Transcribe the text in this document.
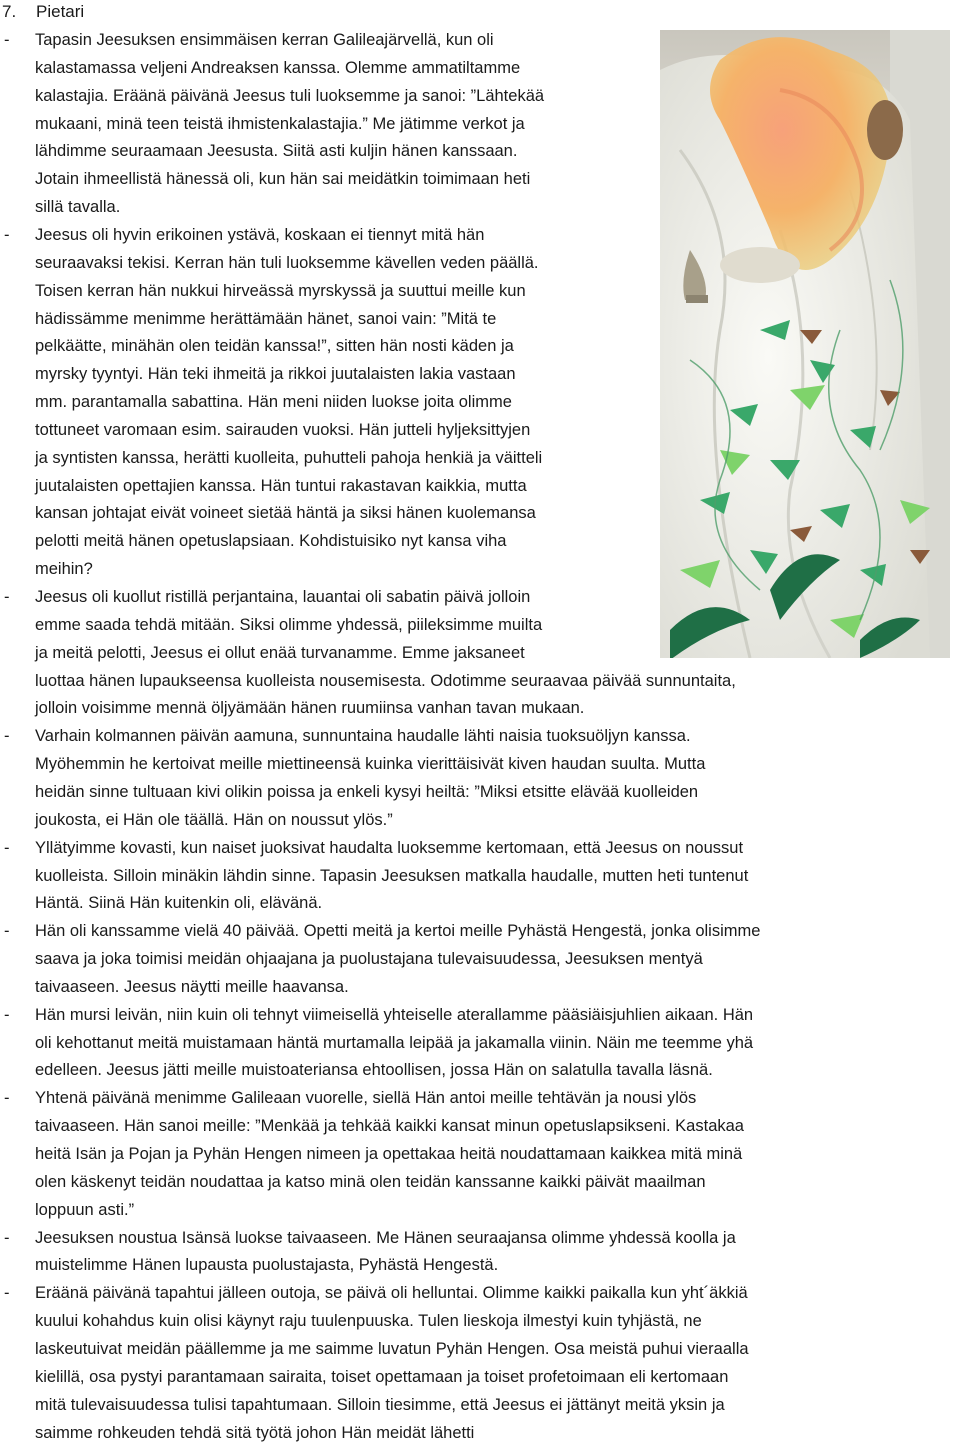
7. Pietari
- Tapasin Jeesuksen ensimmäisen kerran Galileajärvellä, kun oli
kalastamassa veljeni Andreaksen kanssa. Olemme ammatiltamme
kalastajia. Eräänä päivänä Jeesus tuli luoksemme ja sanoi: ”Lähtekää
mukaani, minä teen teistä ihmistenkalastajia.” Me jätimme verkot ja
lähdimme seuraamaan Jeesusta. Siitä asti kuljin hänen kanssaan.
Jotain ihmeellistä hänessä oli, kun hän sai meidätkin toimimaan heti
sillä tavalla.
- Jeesus oli hyvin erikoinen ystävä, koskaan ei tiennyt mitä hän
seuraavaksi tekisi. Kerran hän tuli luoksemme kävellen veden päällä.
Toisen kerran hän nukkui hirveässä myrskyssä ja suuttui meille kun
hädissämme menimme herättämään hänet, sanoi vain: ”Mitä te
pelkäätte, minähän olen teidän kanssa!”, sitten hän nosti käden ja
myrsky tyyntyi. Hän teki ihmeitä ja rikkoi juutalaisten lakia vastaan
mm. parantamalla sabattina. Hän meni niiden luokse joita olimme
tottuneet varomaan esim. sairauden vuoksi. Hän jutteli hyljeksittyjen
ja syntisten kanssa, herätti kuolleita, puhutteli pahoja henkiä ja väitteli
juutalaisten opettajien kanssa. Hän tuntui rakastavan kaikkia, mutta
kansan johtajat eivät voineet sietää häntä ja siksi hänen kuolemansa
pelotti meitä hänen opetuslapsiaan. Kohdistuisiko nyt kansa viha
meihin?
- Jeesus oli kuollut ristillä perjantaina, lauantai oli sabatin päivä jolloin
emme saada tehdä mitään. Siksi olimme yhdessä, piileksimme muilta
ja meitä pelotti, Jeesus ei ollut enää turvanamme. Emme jaksaneet
luottaa hänen lupaukseensa kuolleista nousemisesta. Odotimme seuraavaa päivää sunnuntaita,
jolloin voisimme mennä öljyämään hänen ruumiinsa vanhan tavan mukaan.
- Varhain kolmannen päivän aamuna, sunnuntaina haudalle lähti naisia tuoksuöljyn kanssa.
Myöhemmin he kertoivat meille miettineensä kuinka vierittäisivät kiven haudan suulta. Mutta
heidän sinne tultuaan kivi olikin poissa ja enkeli kysyi heiltä: ”Miksi etsitte elävää kuolleiden
joukosta, ei Hän ole täällä. Hän on noussut ylös.”
- Yllätyimme kovasti, kun naiset juoksivat haudalta luoksemme kertomaan, että Jeesus on noussut
kuolleista. Silloin minäkin lähdin sinne. Tapasin Jeesuksen matkalla haudalle, mutten heti tuntenut
Häntä. Siinä Hän kuitenkin oli, elävänä.
- Hän oli kanssamme vielä 40 päivää. Opetti meitä ja kertoi meille Pyhästä Hengestä, jonka olisimme
saava ja joka toimisi meidän ohjaajana ja puolustajana tulevaisuudessa, Jeesuksen mentyä
taivaaseen. Jeesus näytti meille haavansa.
- Hän mursi leivän, niin kuin oli tehnyt viimeisellä yhteiselle aterallamme pääsiäisjuhlien aikaan. Hän
oli kehottanut meitä muistamaan häntä murtamalla leipää ja jakamalla viinin. Näin me teemme yhä
edelleen. Jeesus jätti meille muistoateriansa ehtoollisen, jossa Hän on salatulla tavalla läsnä.
- Yhtenä päivänä menimme Galileaan vuorelle, siellä Hän antoi meille tehtävän ja nousi ylös
taivaaseen. Hän sanoi meille: ”Menkää ja tehkää kaikki kansat minun opetuslapsikseni. Kastakaa
heitä Isän ja Pojan ja Pyhän Hengen nimeen ja opettakaa heitä noudattamaan kaikkea mitä minä
olen käskenyt teidän noudattaa ja katso minä olen teidän kanssanne kaikki päivät maailman
loppuun asti.”
- Jeesuksen noustua Isänsä luokse taivaaseen. Me Hänen seuraajansa olimme yhdessä koolla ja
muistelimme Hänen lupausta puolustajasta, Pyhästä Hengestä.
- Eräänä päivänä tapahtui jälleen outoja, se päivä oli helluntai. Olimme kaikki paikalla kun yht´äkkiä
kuului kohahdus kuin olisi käynyt raju tuulenpuuska. Tulen lieskoja ilmestyi kuin tyhjästä, ne
laskeutuivat meidän päällemme ja me saimme luvatun Pyhän Hengen. Osa meistä puhui vieraalla
kielillä, osa pystyi parantamaan sairaita, toiset opettamaan ja toiset profetoimaan eli kertomaan
mitä tulevaisuudessa tulisi tapahtumaan. Silloin tiesimme, että Jeesus ei jättänyt meitä yksin ja
saimme rohkeuden tehdä sitä työtä johon Hän meidät lähetti
